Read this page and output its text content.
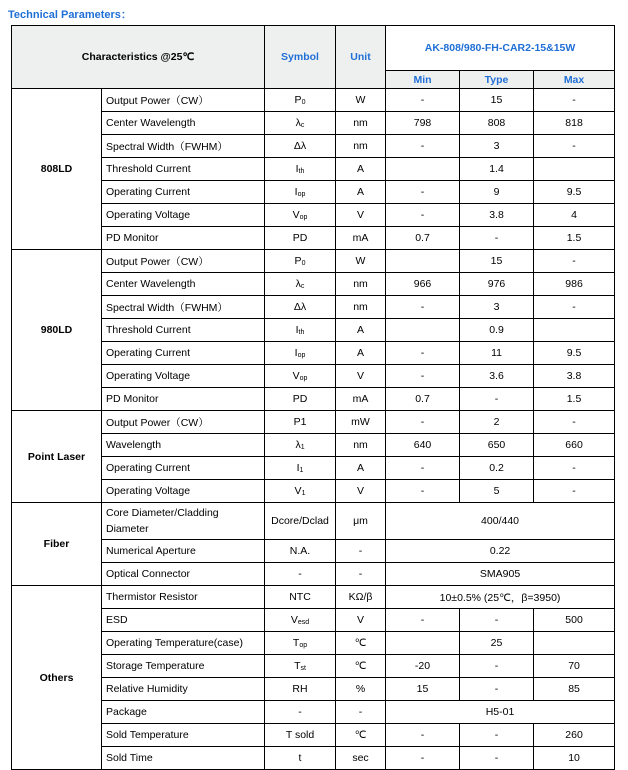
Technical Parameters：
Characteristics @25℃		Symbol	Unit	AK-808/980-FH-CAR2-15&15W		
				Min	Type	Max
808LD	Output Power（CW）	$P_0$	W	-	15	-
	Center Wavelength	$\lambda_c$	nm	798	808	818
	Spectral Width（FWHM）	Δλ	nm	-	3	-
	Threshold Current	$I_{th}$	A		1.4	
	Operating Current	$I_{op}$	A	-	9	9.5
	Operating Voltage	$V_{op}$	V	-	3.8	4
	PD Monitor	PD	mA	0.7	-	1.5
980LD	Output Power（CW）	$P_0$	W		15	-
	Center Wavelength	$\lambda_c$	nm	966	976	986
	Spectral Width（FWHM）	Δλ	nm	-	3	-
	Threshold Current	$I_{th}$	A		0.9	
	Operating Current	$I_{op}$	A	-	11	9.5
	Operating Voltage	$V_{op}$	V	-	3.6	3.8
	PD Monitor	PD	mA	0.7	-	1.5
Point Laser	Output Power（CW）	P1	mW	-	2	-
	Wavelength	$\lambda_1$	nm	640	650	660
	Operating Current	$I_1$	A	-	0.2	-
	Operating Voltage	$V_1$	V	-	5	-
Fiber	Core Diameter/Cladding Diameter	Dcore/Dclad	μm	400/440		
	Numerical Aperture	N.A.	-	0.22		
	Optical Connector	-	-	SMA905		
Others	Thermistor Resistor	NTC	KΩ/β	10±0.5% (25℃，β=3950)		
	ESD	$V_{esd}$	V	-	-	500
	Operating Temperature(case)	$T_{op}$	℃		25	
	Storage Temperature	$T_{st}$	℃	-20	-	70
	Relative Humidity	RH	%	15	-	85
	Package	-	-	H5-01		
	Sold Temperature	T sold	℃	-	-	260
	Sold Time	t	sec	-	-	10
